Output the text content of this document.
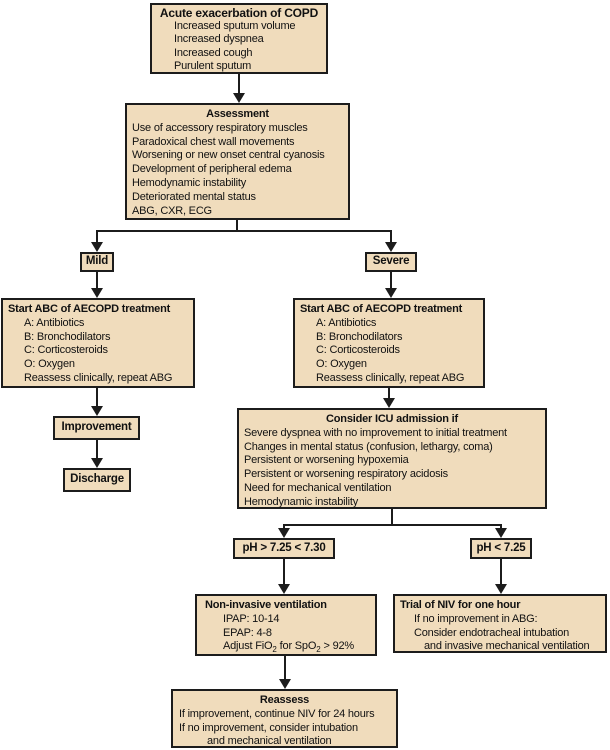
Acute exacerbation of COPD
Increased sputum volume
Increased dyspnea
Increased cough
Purulent sputum
Assessment
Use of accessory respiratory muscles
Paradoxical chest wall movements
Worsening or new onset central cyanosis
Development of peripheral edema
Hemodynamic instability
Deteriorated mental status
ABG, CXR, ECG
Mild	Severe
Start ABC of AECOPD treatment
A: Antibiotics
B: Bronchodilators
C: Corticosteroids
O: Oxygen
Reassess clinically, repeat ABG
Start ABC of AECOPD treatment
A: Antibiotics
B: Bronchodilators
C: Corticosteroids
O: Oxygen
Reassess clinically, repeat ABG
Improvement
Discharge
Consider ICU admission if
Severe dyspnea with no improvement to initial treatment
Changes in mental status (confusion, lethargy, coma)
Persistent or worsening hypoxemia
Persistent or worsening respiratory acidosis
Need for mechanical ventilation
Hemodynamic instability
pH > 7.25 < 7.30	pH < 7.25
Non-invasive ventilation
IPAP: 10-14
EPAP: 4-8
Adjust FiO$_2$ for SpO$_2$ > 92%
Trial of NIV for one hour
If no improvement in ABG:
Consider endotracheal intubation
and invasive mechanical ventilation
Reassess
If improvement, continue NIV for 24 hours
If no improvement, consider intubation
and mechanical ventilation
